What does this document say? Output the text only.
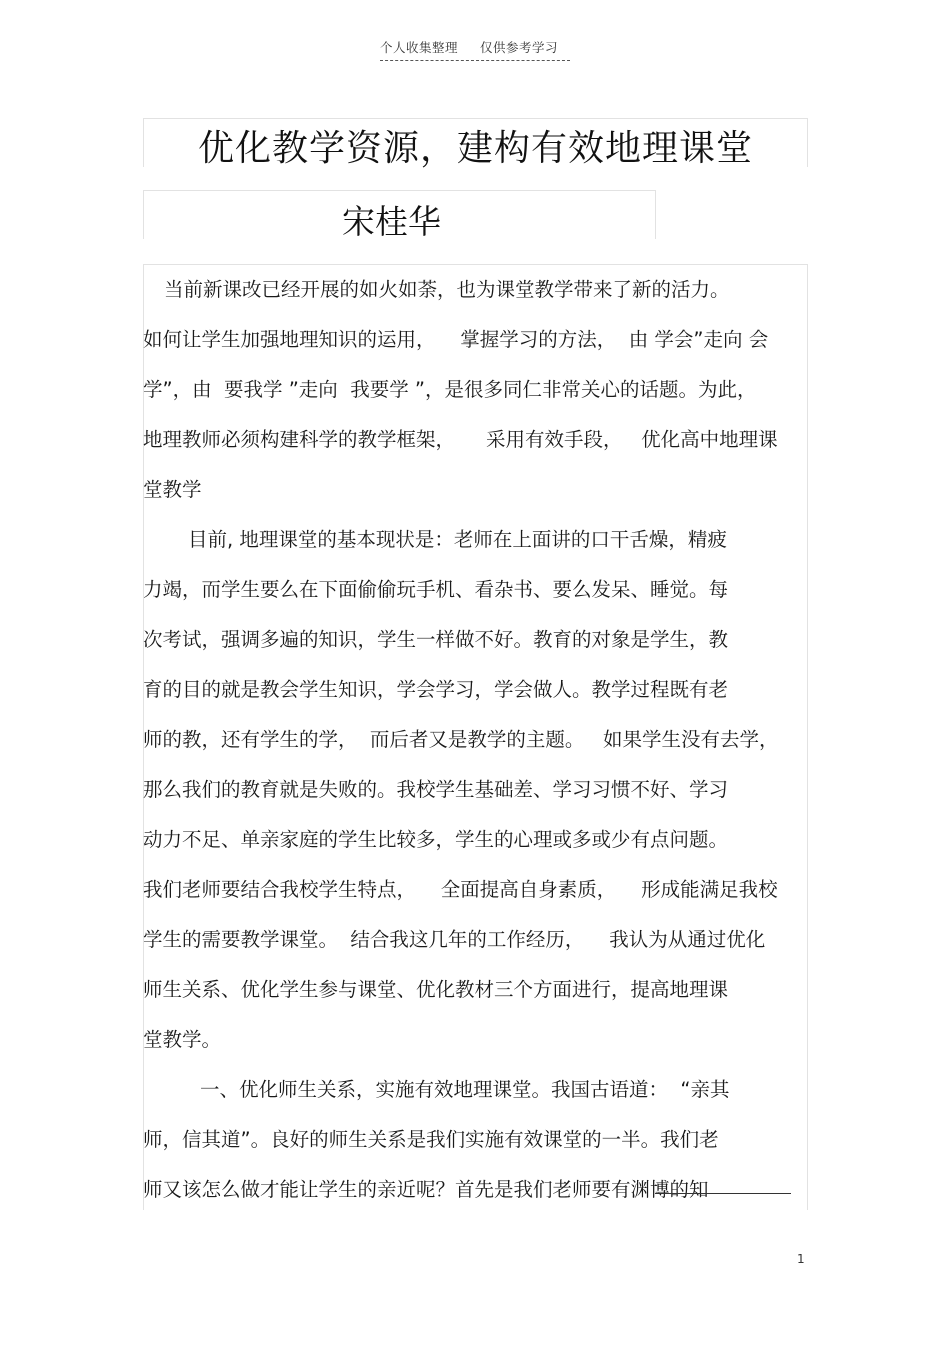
个人收集整理 仅供参考学习
优化教学资源，建构有效地理课堂
宋桂华
当前新课改已经开展的如火如荼，也为课堂教学带来了新的活力。
如何让学生加强地理知识的运用，    掌握学习的方法，  由 学会”走向 会
学”，由  要我学 ”走向  我要学 ”，是很多同仁非常关心的话题。为此，
地理教师必须构建科学的教学框架，     采用有效手段，   优化高中地理课
堂教学
目前, 地理课堂的基本现状是：老师在上面讲的口干舌燥，精疲
力竭，而学生要么在下面偷偷玩手机、看杂书、要么发呆、睡觉。每
次考试，强调多遍的知识，学生一样做不好。教育的对象是学生，教
育的目的就是教会学生知识，学会学习，学会做人。教学过程既有老
师的教，还有学生的学，  而后者又是教学的主题。   如果学生没有去学，
那么我们的教育就是失败的。我校学生基础差、学习习惯不好、学习
动力不足、单亲家庭的学生比较多，学生的心理或多或少有点问题。
我们老师要结合我校学生特点，    全面提高自身素质，    形成能满足我校
学生的需要教学课堂。  结合我这几年的工作经历，    我认为从通过优化
师生关系、优化学生参与课堂、优化教材三个方面进行，提高地理课
堂教学。
一、优化师生关系，实施有效地理课堂。我国古语道：  “亲其
师，信其道”。良好的师生关系是我们实施有效课堂的一半。我们老
师又该怎么做才能让学生的亲近呢？首先是我们老师要有渊博的知
1
